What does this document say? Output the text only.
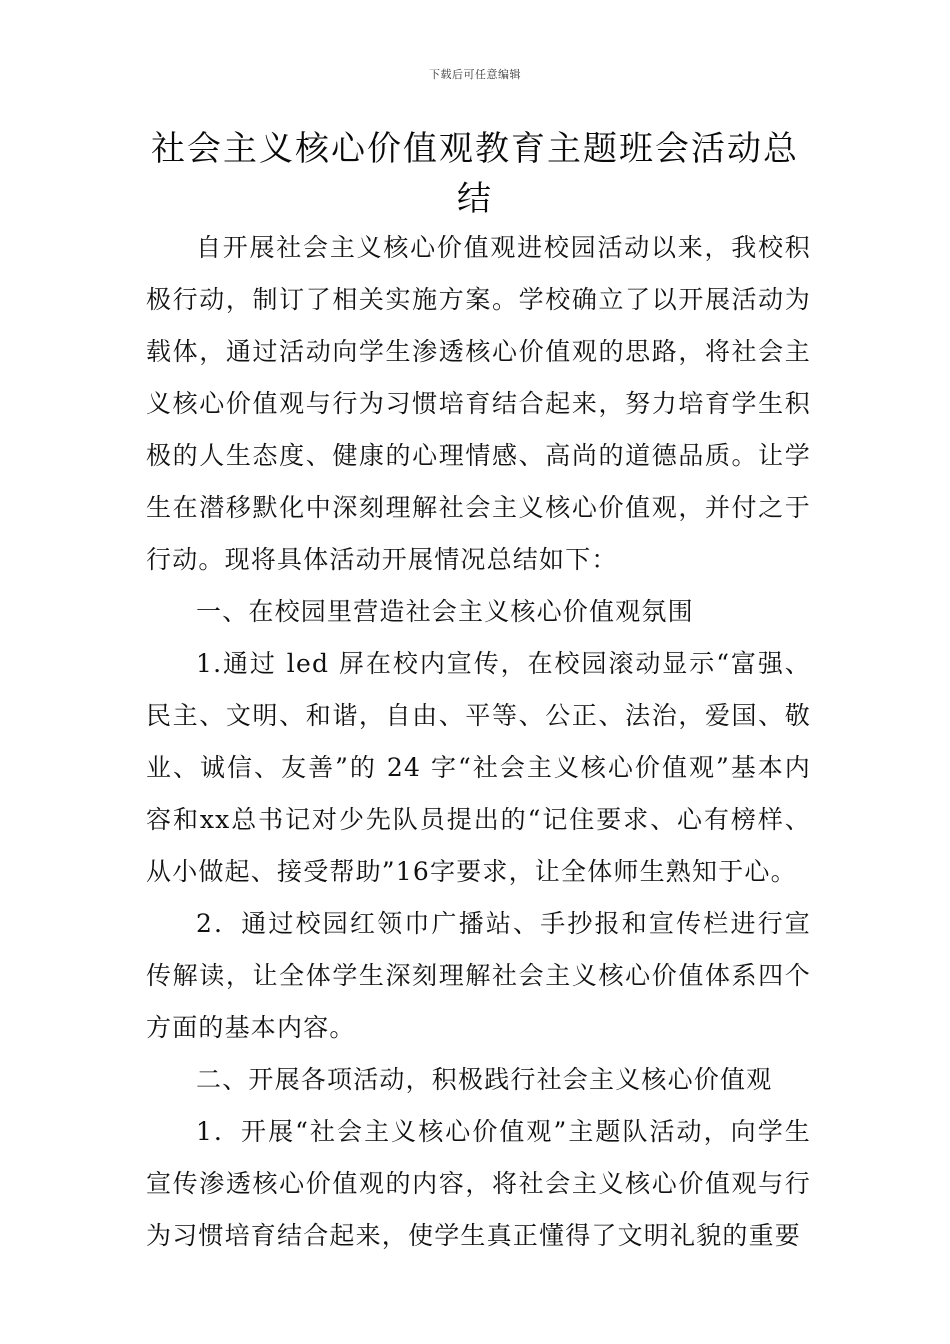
下载后可任意编辑
社会主义核心价值观教育主题班会活动总结

自开展社会主义核心价值观进校园活动以来，我校积极行动，制订了相关实施方案。学校确立了以开展活动为载体，通过活动向学生渗透核心价值观的思路，将社会主义核心价值观与行为习惯培育结合起来，努力培育学生积极的人生态度、健康的心理情感、高尚的道德品质。让学生在潜移默化中深刻理解社会主义核心价值观，并付之于行动。现将具体活动开展情况总结如下：

一、在校园里营造社会主义核心价值观氛围

1.通过 led 屏在校内宣传，在校园滚动显示“富强、民主、文明、和谐，自由、平等、公正、法治，爱国、敬业、诚信、友善”的 24 字“社会主义核心价值观”基本内容和xx总书记对少先队员提出的“记住要求、心有榜样、从小做起、接受帮助”16字要求，让全体师生熟知于心。

2．通过校园红领巾广播站、手抄报和宣传栏进行宣传解读，让全体学生深刻理解社会主义核心价值体系四个方面的基本内容。

二、开展各项活动，积极践行社会主义核心价值观

1．开展“社会主义核心价值观”主题队活动，向学生宣传渗透核心价值观的内容，将社会主义核心价值观与行为习惯培育结合起来，使学生真正懂得了文明礼貌的重要
